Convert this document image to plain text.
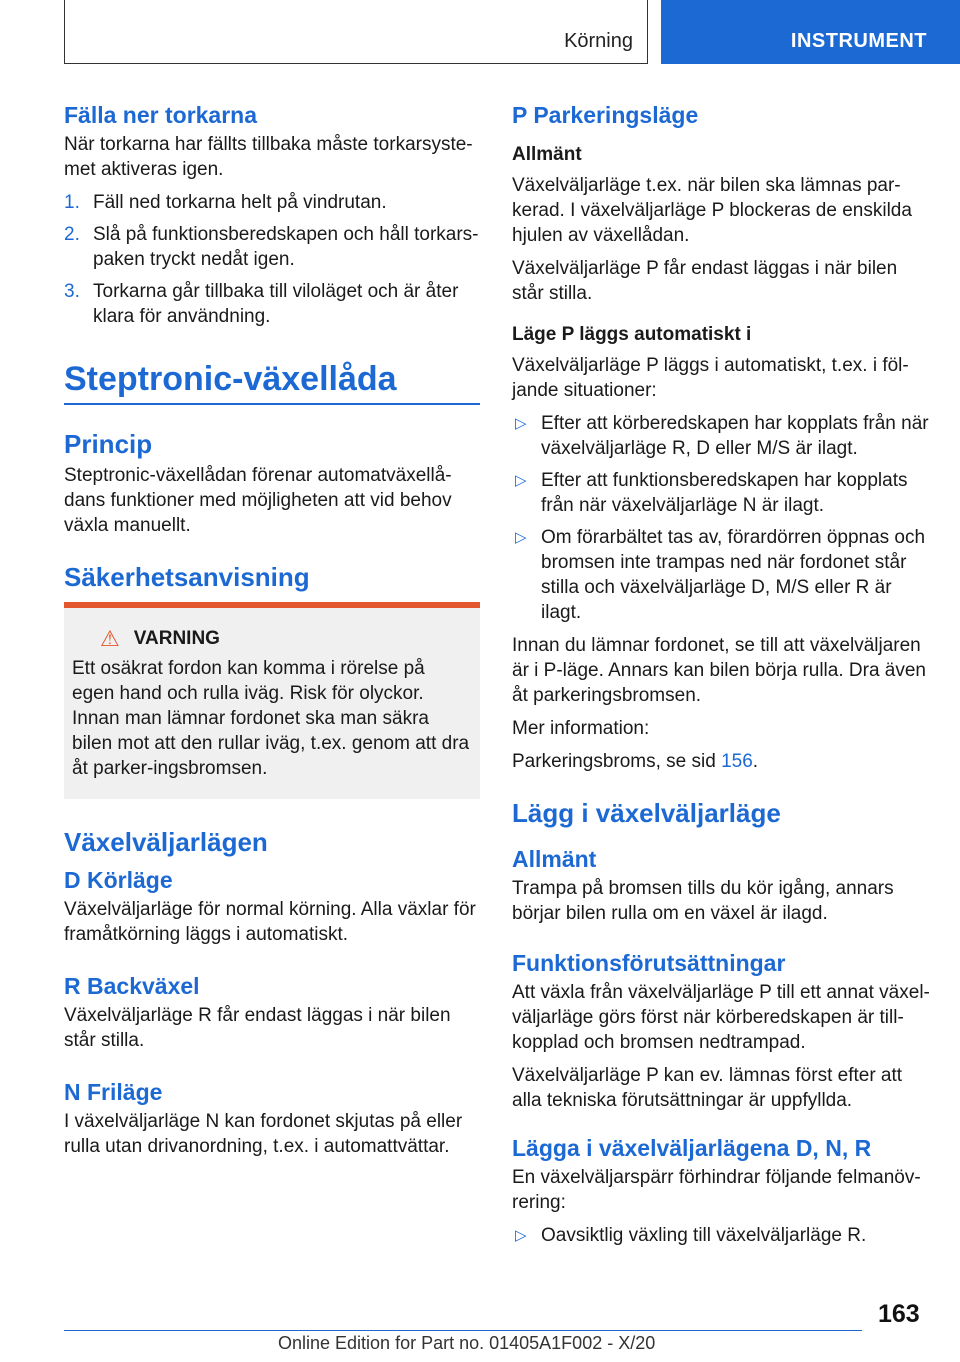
Körning	INSTRUMENT
Fälla ner torkarna

När torkarna har fällts tillbaka måste torkarsyste-met aktiveras igen.

1. Fäll ned torkarna helt på vindrutan.
2. Slå på funktionsberedskapen och håll torkars-paken tryckt nedåt igen.
3. Torkarna går tillbaka till viloläget och är åter klara för användning.
Steptronic-växellåda
Princip

Steptronic-växellådan förenar automatväxellå-dans funktioner med möjligheten att vid behov växla manuellt.

Säkerhetsanvisning
⚠ VARNING

Ett osäkrat fordon kan komma i rörelse på egen hand och rulla iväg. Risk för olyckor. Innan man lämnar fordonet ska man säkra bilen mot att den rullar iväg, t.ex. genom att dra åt parker-ingsbromsen.

Växelväljarlägen
D Körläge

Växelväljarläge för normal körning. Alla växlar för framåtkörning läggs i automatiskt.

R Backväxel

Växelväljarläge R får endast läggas i när bilen står stilla.

N Friläge

I växelväljarläge N kan fordonet skjutas på eller rulla utan drivanordning, t.ex. i automattvättar.

P Parkeringsläge
Allmänt

Växelväljarläge t.ex. när bilen ska lämnas par-kerad. I växelväljarläge P blockeras de enskilda hjulen av växellådan.

Växelväljarläge P får endast läggas i när bilen står stilla.

Läge P läggs automatiskt i

Växelväljarläge P läggs i automatiskt, t.ex. i föl-jande situationer:

▷ Efter att körberedskapen har kopplats från när växelväljarläge R, D eller M/S är ilagt.
▷ Efter att funktionsberedskapen har kopplats från när växelväljarläge N är ilagt.
▷ Om förarbältet tas av, förardörren öppnas och bromsen inte trampas ned när fordonet står stilla och växelväljarläge D, M/S eller R är ilagt.

Innan du lämnar fordonet, se till att växelväljaren är i P-läge. Annars kan bilen börja rulla. Dra även åt parkeringsbromsen.

Mer information:

Parkeringsbroms, se sid 156.

Lägg i växelväljarläge
Allmänt

Trampa på bromsen tills du kör igång, annars börjar bilen rulla om en växel är ilagd.

Funktionsförutsättningar

Att växla från växelväljarläge P till ett annat växel-väljarläge görs först när körberedskapen är till-kopplad och bromsen nedtrampad.

Växelväljarläge P kan ev. lämnas först efter att alla tekniska förutsättningar är uppfyllda.

Lägga i växelväljarlägena D, N, R

En växelväljarspärr förhindrar följande felmanöv-rering:

▷ Oavsiktlig växling till växelväljarläge R.
163
Online Edition for Part no. 01405A1F002 - X/20
